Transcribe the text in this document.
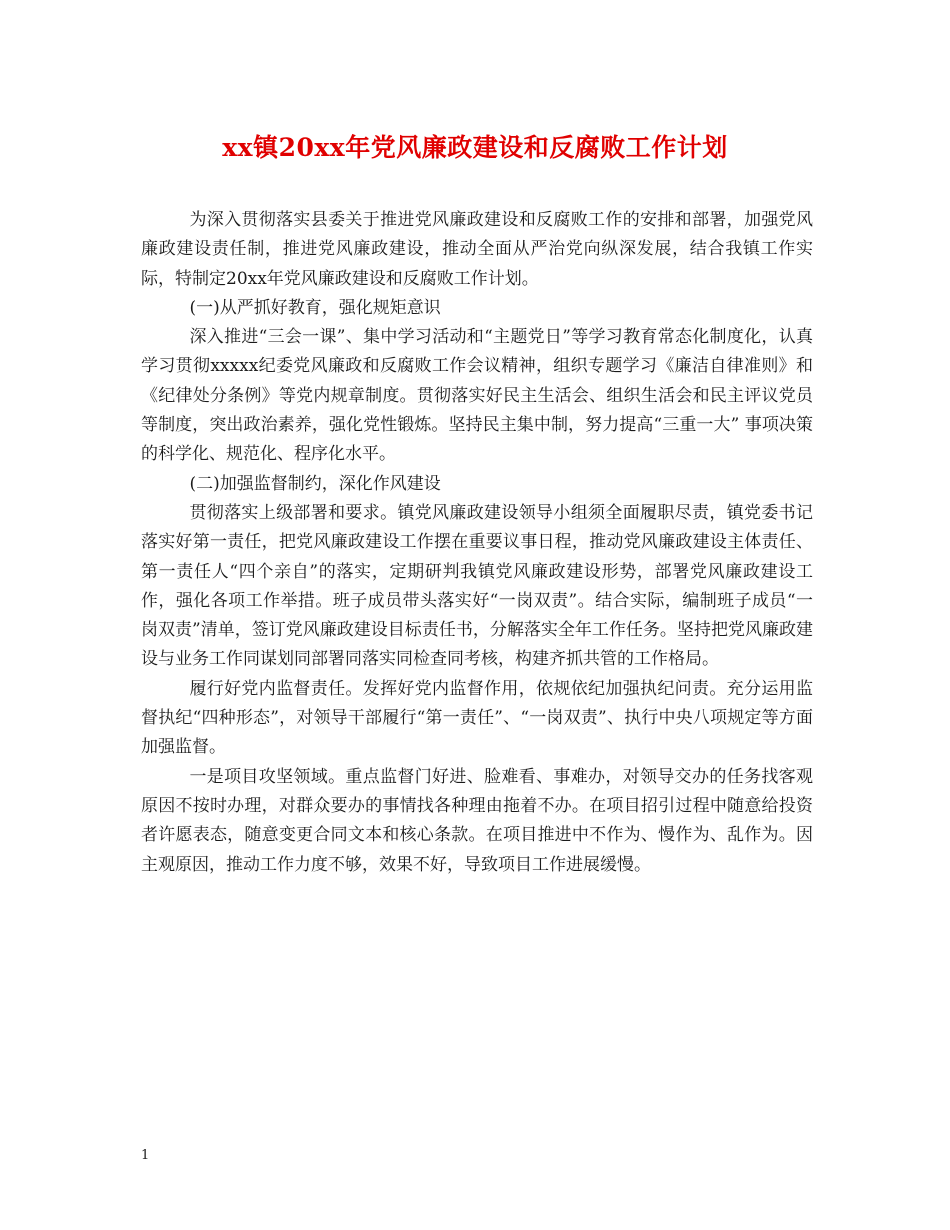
xx镇20xx年党风廉政建设和反腐败工作计划

为深入贯彻落实县委关于推进党风廉政建设和反腐败工作的安排和部署，加强党风廉政建设责任制，推进党风廉政建设，推动全面从严治党向纵深发展，结合我镇工作实际，特制定20xx年党风廉政建设和反腐败工作计划。

(一)从严抓好教育，强化规矩意识

深入推进“三会一课”、集中学习活动和“主题党日”等学习教育常态化制度化，认真学习贯彻xxxxx纪委党风廉政和反腐败工作会议精神，组织专题学习《廉洁自律准则》和《纪律处分条例》等党内规章制度。贯彻落实好民主生活会、组织生活会和民主评议党员等制度，突出政治素养，强化党性锻炼。坚持民主集中制，努力提高“三重一大” 事项决策的科学化、规范化、程序化水平。

(二)加强监督制约，深化作风建设

贯彻落实上级部署和要求。镇党风廉政建设领导小组须全面履职尽责，镇党委书记落实好第一责任，把党风廉政建设工作摆在重要议事日程，推动党风廉政建设主体责任、第一责任人“四个亲自”的落实，定期研判我镇党风廉政建设形势，部署党风廉政建设工作，强化各项工作举措。班子成员带头落实好“一岗双责”。结合实际，编制班子成员“一岗双责”清单，签订党风廉政建设目标责任书，分解落实全年工作任务。坚持把党风廉政建设与业务工作同谋划同部署同落实同检查同考核，构建齐抓共管的工作格局。

履行好党内监督责任。发挥好党内监督作用，依规依纪加强执纪问责。充分运用监督执纪“四种形态”，对领导干部履行“第一责任”、“一岗双责”、执行中央八项规定等方面加强监督。

一是项目攻坚领域。重点监督门好进、脸难看、事难办，对领导交办的任务找客观原因不按时办理，对群众要办的事情找各种理由拖着不办。在项目招引过程中随意给投资者许愿表态，随意变更合同文本和核心条款。在项目推进中不作为、慢作为、乱作为。因主观原因，推动工作力度不够，效果不好，导致项目工作进展缓慢。

1
